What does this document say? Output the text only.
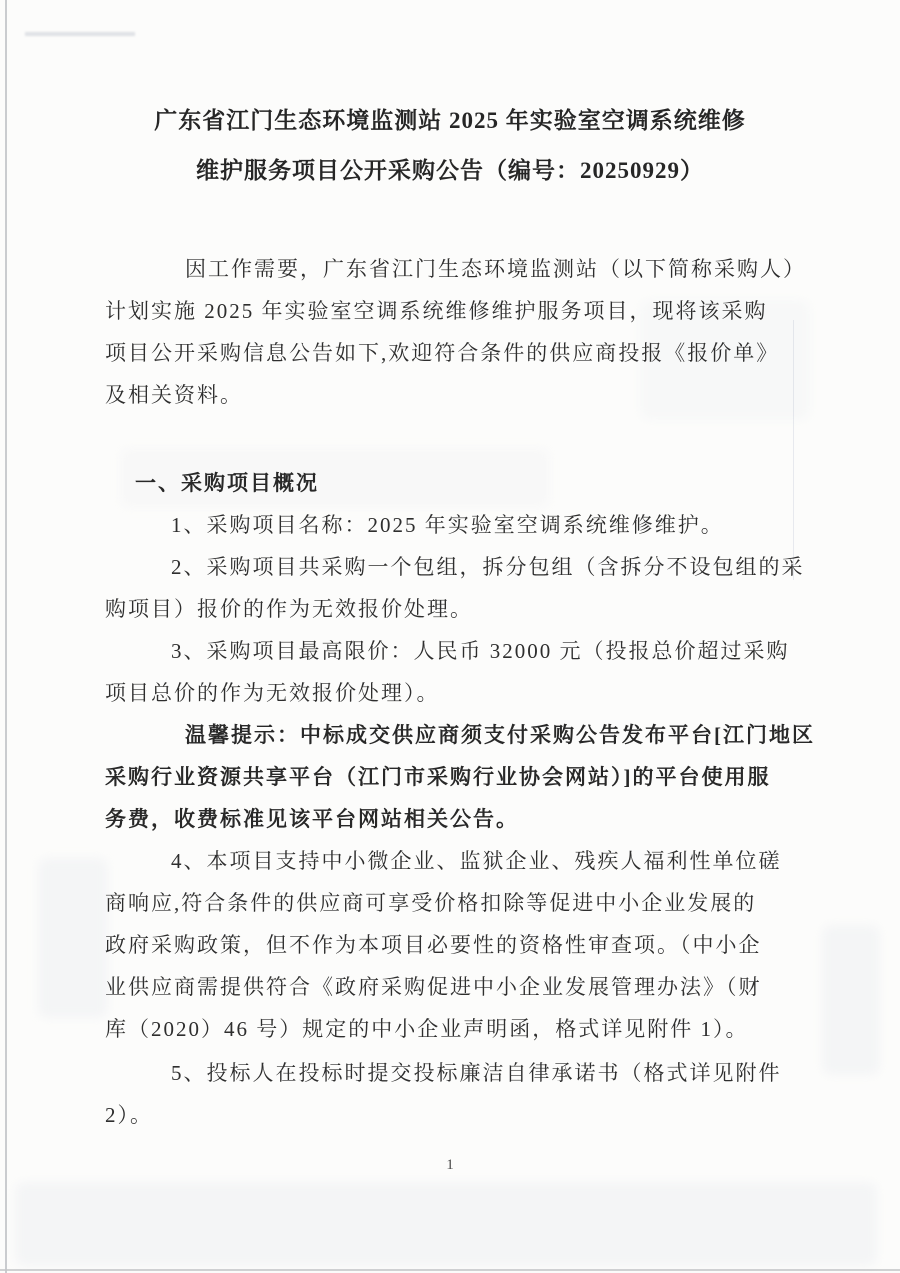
广东省江门生态环境监测站 2025 年实验室空调系统维修
维护服务项目公开采购公告（编号：20250929）
因工作需要，广东省江门生态环境监测站（以下简称采购人）
计划实施 2025 年实验室空调系统维修维护服务项目，现将该采购
项目公开采购信息公告如下,欢迎符合条件的供应商投报《报价单》
及相关资料。
一、采购项目概况
1、采购项目名称：2025 年实验室空调系统维修维护。
2、采购项目共采购一个包组，拆分包组（含拆分不设包组的采
购项目）报价的作为无效报价处理。
3、采购项目最高限价：人民币 32000 元（投报总价超过采购
项目总价的作为无效报价处理）。
温馨提示：中标成交供应商须支付采购公告发布平台[江门地区
采购行业资源共享平台（江门市采购行业协会网站）]的平台使用服
务费，收费标准见该平台网站相关公告。
4、本项目支持中小微企业、监狱企业、残疾人福利性单位磋
商响应,符合条件的供应商可享受价格扣除等促进中小企业发展的
政府采购政策，但不作为本项目必要性的资格性审查项。（中小企
业供应商需提供符合《政府采购促进中小企业发展管理办法》（财
库（2020）46 号）规定的中小企业声明函，格式详见附件 1）。
5、投标人在投标时提交投标廉洁自律承诺书（格式详见附件
2）。
1
